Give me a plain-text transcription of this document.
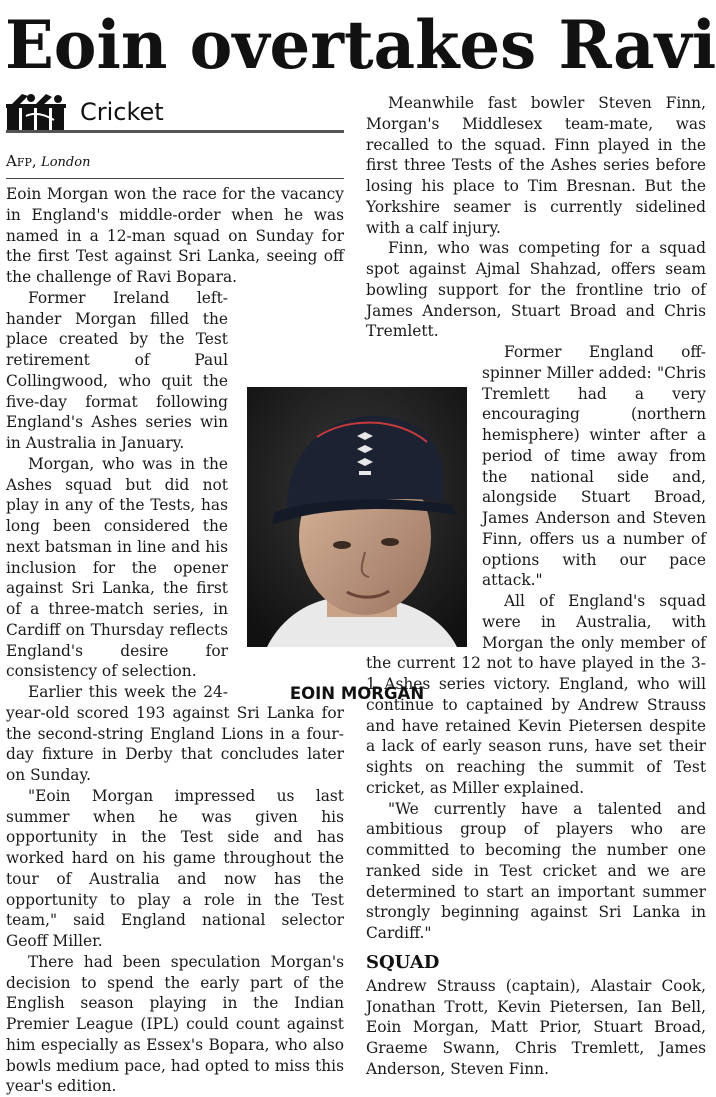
Eoin overtakes Ravi
Cricket
Afp, London

Eoin Morgan won the race for the vacancy in England's middle-order when he was named in a 12-man squad on Sunday for the first Test against Sri Lanka, seeing off the challenge of Ravi Bopara.

Former Ireland left-hander Morgan filled the place created by the Test retirement of Paul Collingwood, who quit the five-day format following England's Ashes series win in Australia in January.

Morgan, who was in the Ashes squad but did not play in any of the Tests, has long been considered the next batsman in line and his inclusion for the opener against Sri Lanka, the first of a three-match series, in Cardiff on Thursday reflects England's desire for consistency of selection.

Earlier this week the 24-year-old scored 193 against Sri Lanka for the second-string England Lions in a four-day fixture in Derby that concludes later on Sunday.

"Eoin Morgan impressed us last summer when he was given his opportunity in the Test side and has worked hard on his game throughout the tour of Australia and now has the opportunity to play a role in the Test team," said England national selector Geoff Miller.

There had been speculation Morgan's decision to spend the early part of the English season playing in the Indian Premier League (IPL) could count against him especially as Essex's Bopara, who also bowls medium pace, had opted to miss this year's edition.

Meanwhile fast bowler Steven Finn, Morgan's Middlesex team-mate, was recalled to the squad. Finn played in the first three Tests of the Ashes series before losing his place to Tim Bresnan. But the Yorkshire seamer is currently sidelined with a calf injury.

Finn, who was competing for a squad spot against Ajmal Shahzad, offers seam bowling support for the frontline trio of James Anderson, Stuart Broad and Chris Tremlett.

Former England off-spinner Miller added: "Chris Tremlett had a very encouraging (northern hemisphere) winter after a period of time away from the national side and, alongside Stuart Broad, James Anderson and Steven Finn, offers us a number of options with our pace attack."

All of England's squad were in Australia, with Morgan the only member of the current 12 not to have played in the 3-1 Ashes series victory. England, who will continue to captained by Andrew Strauss and have retained Kevin Pietersen despite a lack of early season runs, have set their sights on reaching the summit of Test cricket, as Miller explained.

"We currently have a talented and ambitious group of players who are committed to becoming the number one ranked side in Test cricket and we are determined to start an important summer strongly beginning against Sri Lanka in Cardiff."

SQUAD

Andrew Strauss (captain), Alastair Cook, Jonathan Trott, Kevin Pietersen, Ian Bell, Eoin Morgan, Matt Prior, Stuart Broad, Graeme Swann, Chris Tremlett, James Anderson, Steven Finn.

EOIN MORGAN
